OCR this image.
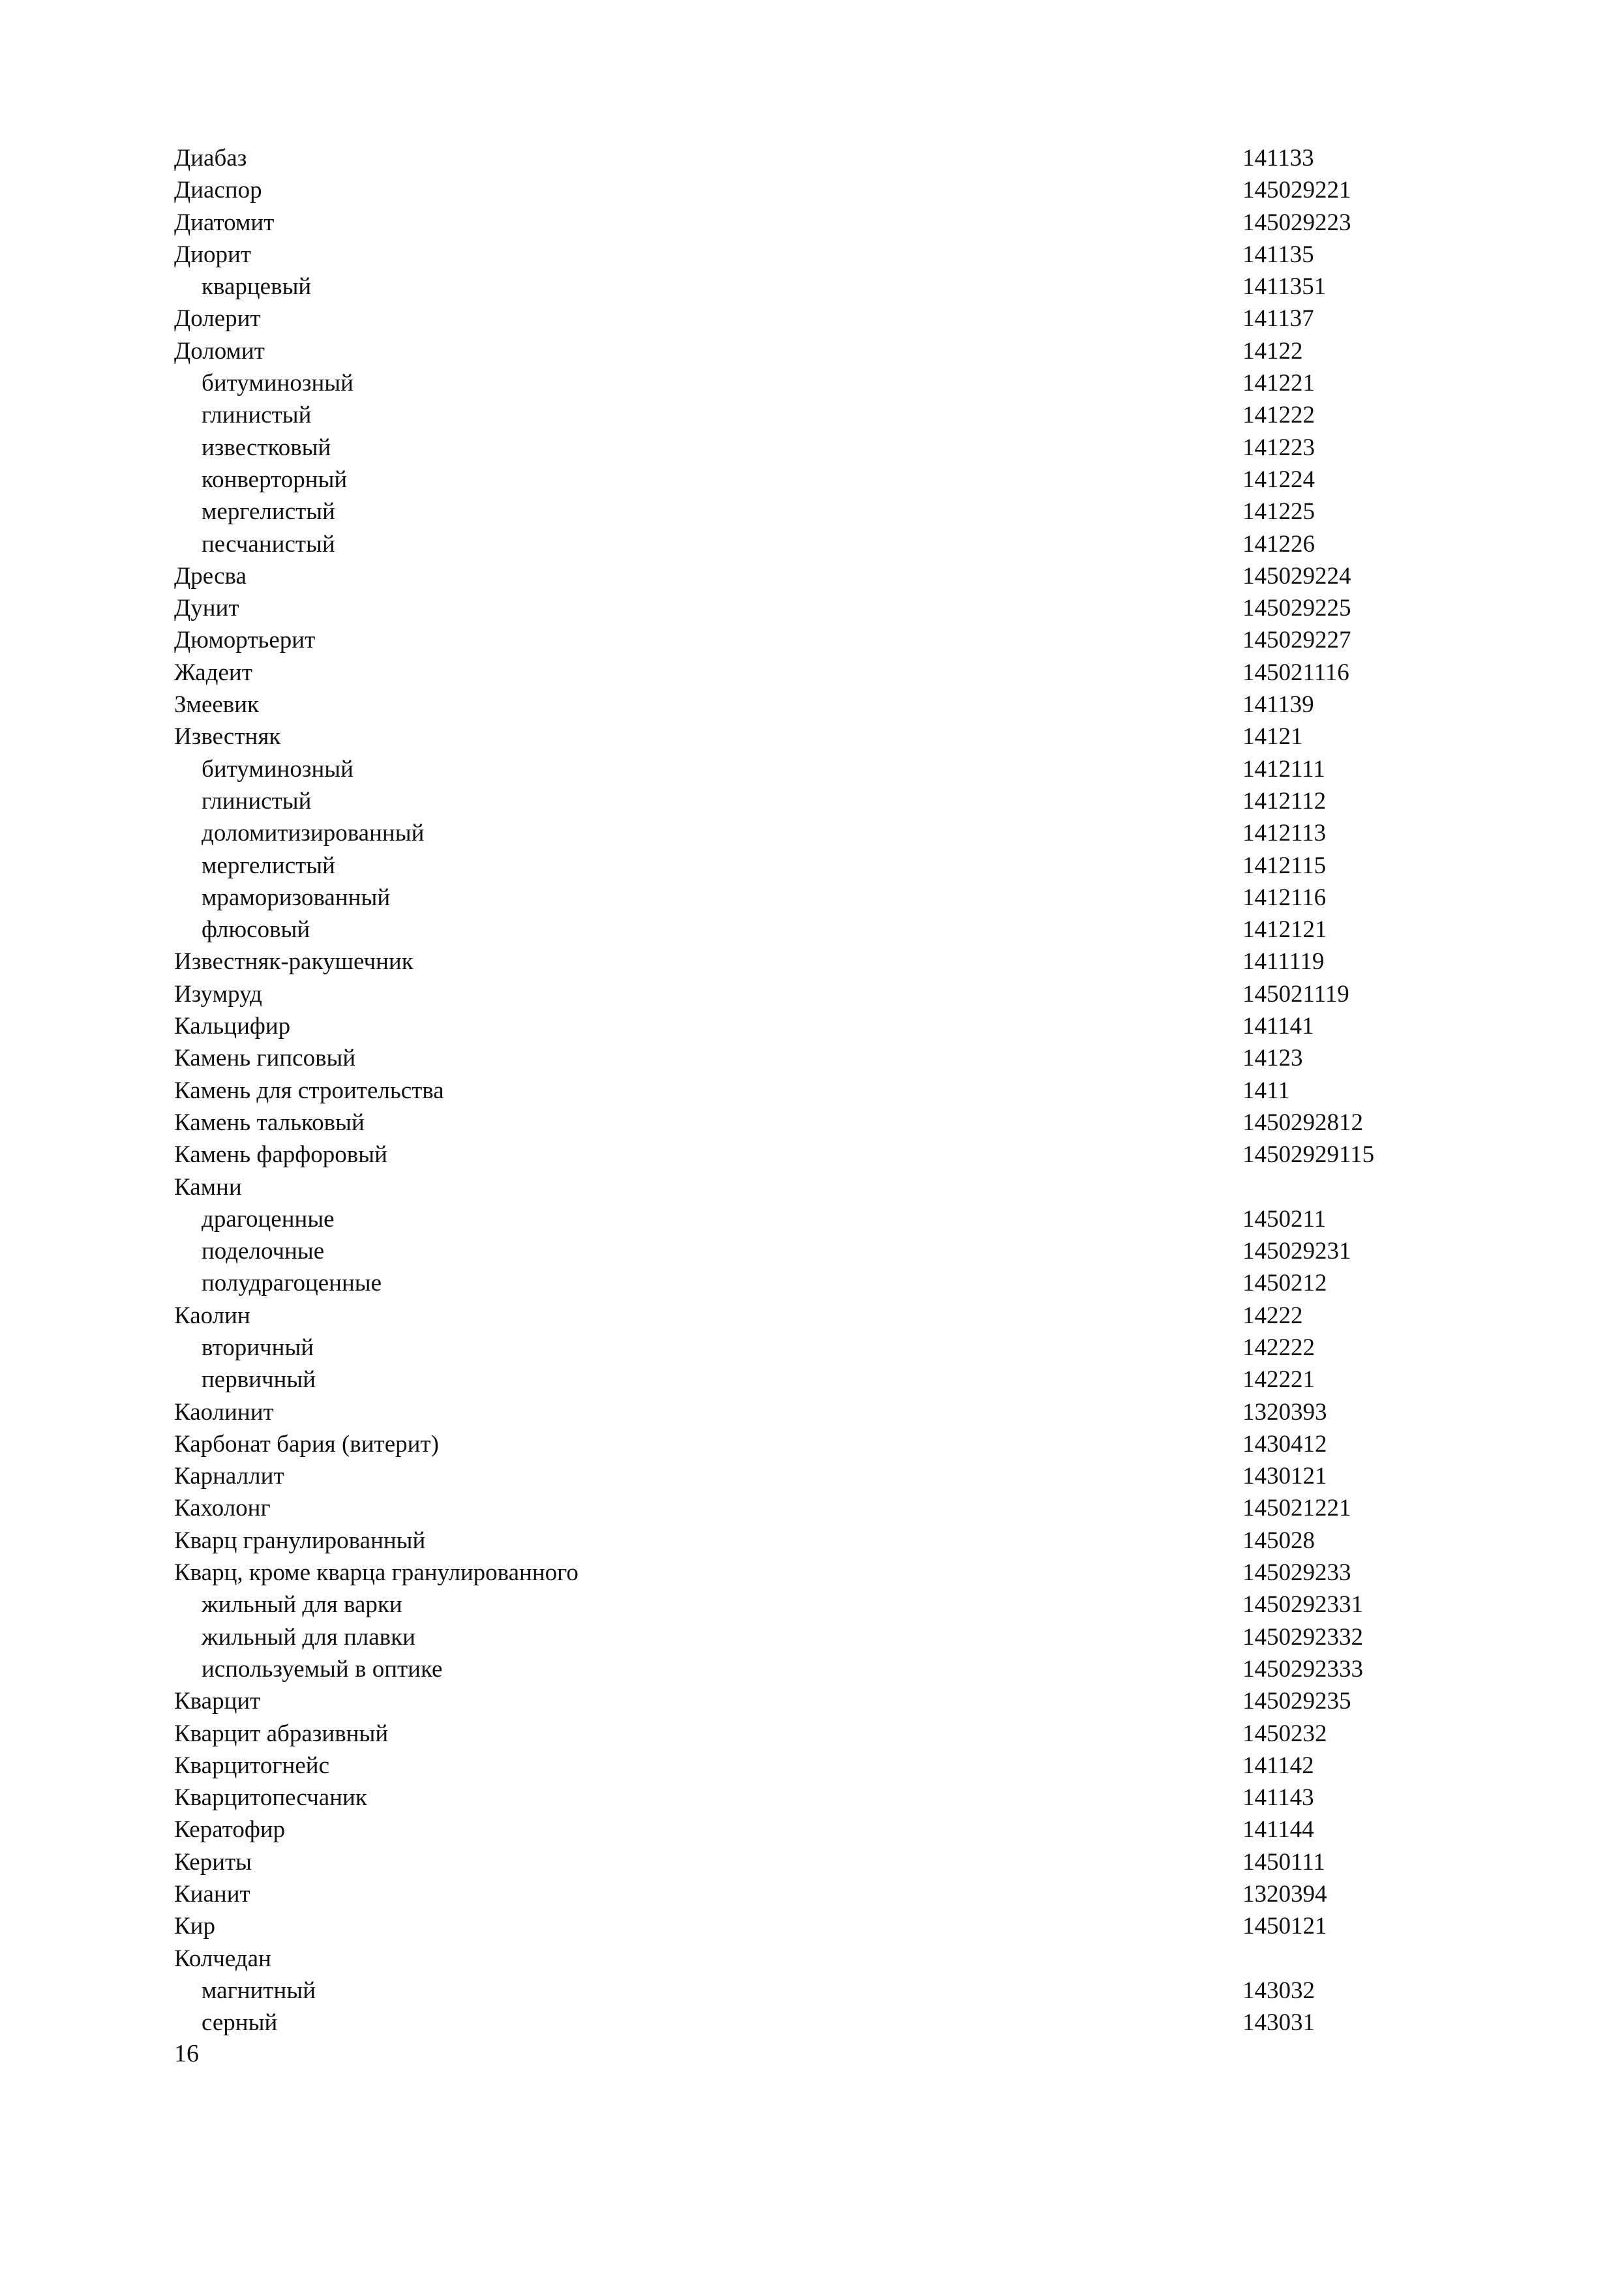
Диабаз	141133
Диаспор	145029221
Диатомит	145029223
Диорит	141135
кварцевый	1411351
Долерит	141137
Доломит	14122
битуминозный	141221
глинистый	141222
известковый	141223
конверторный	141224
мергелистый	141225
песчанистый	141226
Дресва	145029224
Дунит	145029225
Дюмортьерит	145029227
Жадеит	145021116
Змеевик	141139
Известняк	14121
битуминозный	1412111
глинистый	1412112
доломитизированный	1412113
мергелистый	1412115
мраморизованный	1412116
флюсовый	1412121
Известняк-ракушечник	1411119
Изумруд	145021119
Кальцифир	141141
Камень гипсовый	14123
Камень для строительства	1411
Камень тальковый	1450292812
Камень фарфоровый	14502929115
Камни
драгоценные	1450211
поделочные	145029231
полудрагоценные	1450212
Каолин	14222
вторичный	142222
первичный	142221
Каолинит	1320393
Карбонат бария (витерит)	1430412
Карналлит	1430121
Кахолонг	145021221
Кварц гранулированный	145028
Кварц, кроме кварца гранулированного	145029233
жильный для варки	1450292331
жильный для плавки	1450292332
используемый в оптике	1450292333
Кварцит	145029235
Кварцит абразивный	1450232
Кварцитогнейс	141142
Кварцитопесчаник	141143
Кератофир	141144
Кериты	1450111
Кианит	1320394
Кир	1450121
Колчедан
магнитный	143032
серный	143031
16
